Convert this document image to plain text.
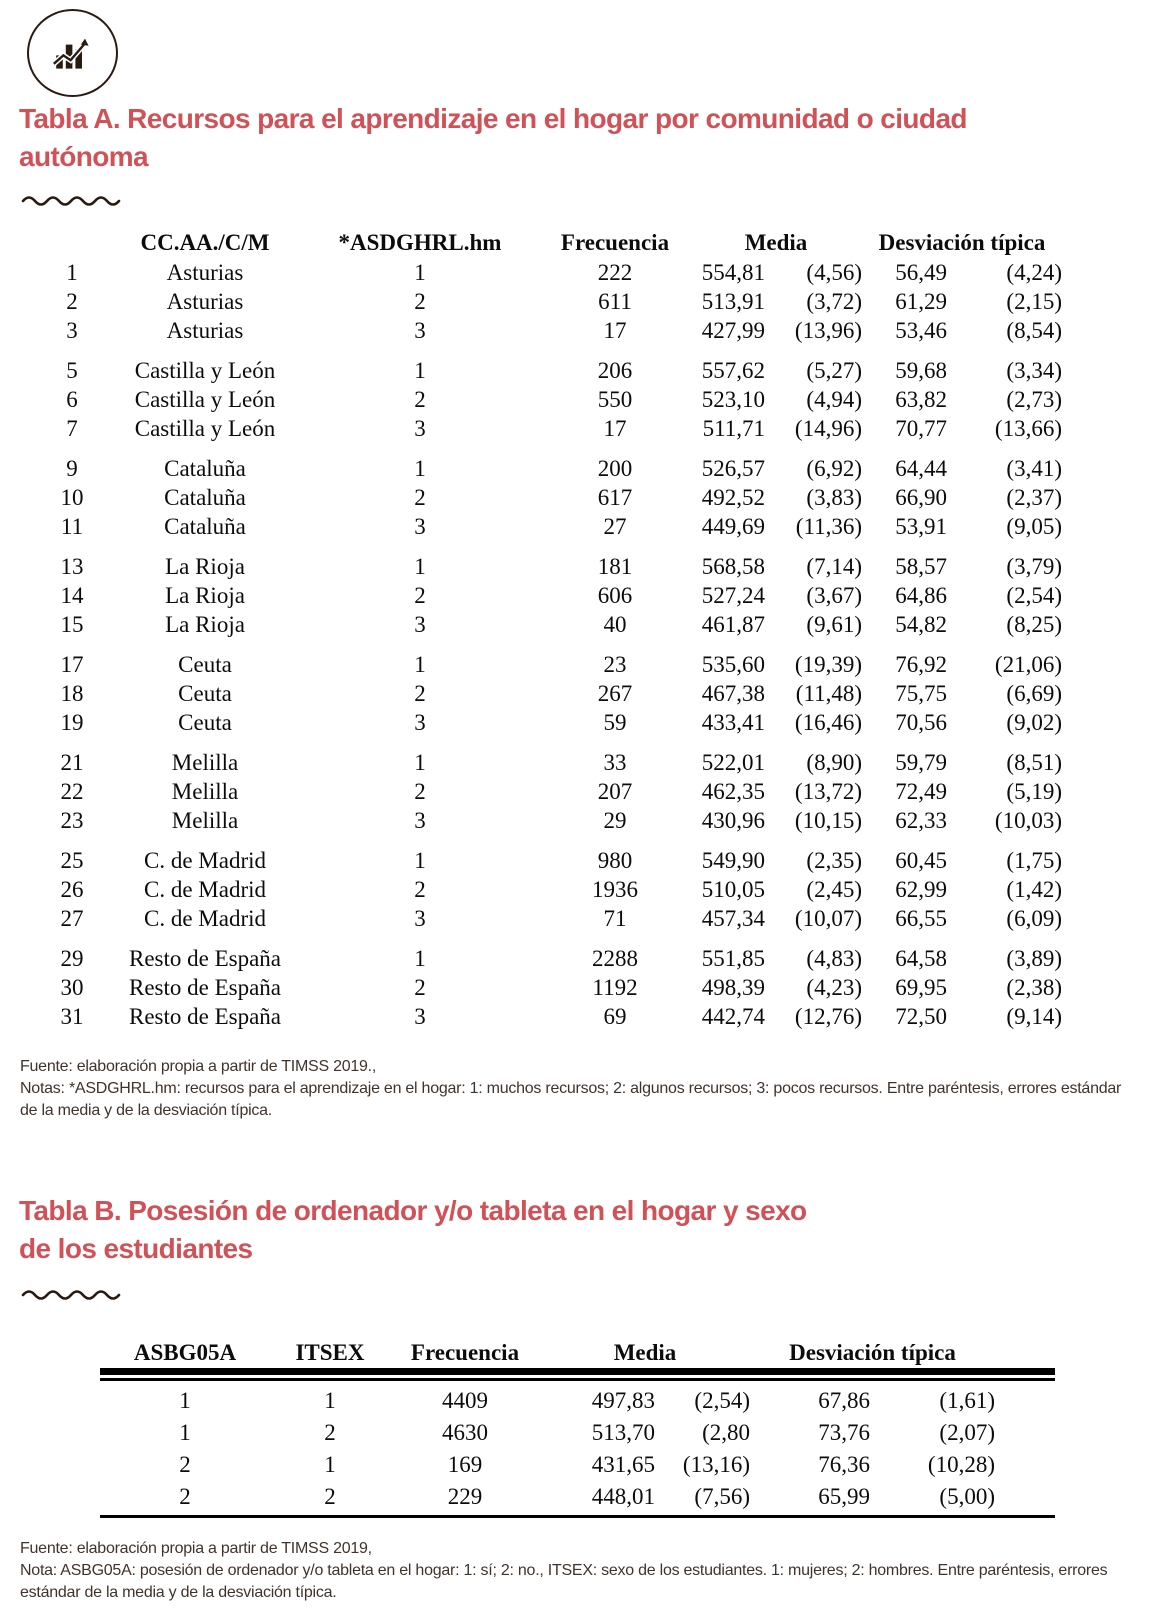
Tabla A. Recursos para el aprendizaje en el hogar por comunidad o ciudad
autónoma
CC.AA./C/M	*ASDGHRL.hm	Frecuencia	Media	Desviación típica
1	Asturias	1	222	554,81	(4,56)	56,49	(4,24)
2	Asturias	2	611	513,91	(3,72)	61,29	(2,15)
3	Asturias	3	17	427,99	(13,96)	53,46	(8,54)
5	Castilla y León	1	206	557,62	(5,27)	59,68	(3,34)
6	Castilla y León	2	550	523,10	(4,94)	63,82	(2,73)
7	Castilla y León	3	17	511,71	(14,96)	70,77	(13,66)
9	Cataluña	1	200	526,57	(6,92)	64,44	(3,41)
10	Cataluña	2	617	492,52	(3,83)	66,90	(2,37)
11	Cataluña	3	27	449,69	(11,36)	53,91	(9,05)
13	La Rioja	1	181	568,58	(7,14)	58,57	(3,79)
14	La Rioja	2	606	527,24	(3,67)	64,86	(2,54)
15	La Rioja	3	40	461,87	(9,61)	54,82	(8,25)
17	Ceuta	1	23	535,60	(19,39)	76,92	(21,06)
18	Ceuta	2	267	467,38	(11,48)	75,75	(6,69)
19	Ceuta	3	59	433,41	(16,46)	70,56	(9,02)
21	Melilla	1	33	522,01	(8,90)	59,79	(8,51)
22	Melilla	2	207	462,35	(13,72)	72,49	(5,19)
23	Melilla	3	29	430,96	(10,15)	62,33	(10,03)
25	C. de Madrid	1	980	549,90	(2,35)	60,45	(1,75)
26	C. de Madrid	2	1936	510,05	(2,45)	62,99	(1,42)
27	C. de Madrid	3	71	457,34	(10,07)	66,55	(6,09)
29	Resto de España	1	2288	551,85	(4,83)	64,58	(3,89)
30	Resto de España	2	1192	498,39	(4,23)	69,95	(2,38)
31	Resto de España	3	69	442,74	(12,76)	72,50	(9,14)
Fuente: elaboración propia a partir de TIMSS 2019.,
Notas: *ASDGHRL.hm: recursos para el aprendizaje en el hogar: 1: muchos recursos; 2: algunos recursos; 3: pocos recursos. Entre paréntesis, errores estándar
de la media y de la desviación típica.
Tabla B. Posesión de ordenador y/o tableta en el hogar y sexo
de los estudiantes
ASBG05A	ITSEX	Frecuencia	Media	Desviación típica
1	1	4409	497,83	(2,54)	67,86	(1,61)
1	2	4630	513,70	(2,80	73,76	(2,07)
2	1	169	431,65	(13,16)	76,36	(10,28)
2	2	229	448,01	(7,56)	65,99	(5,00)
Fuente: elaboración propia a partir de TIMSS 2019,
Nota: ASBG05A: posesión de ordenador y/o tableta en el hogar: 1: sí; 2: no., ITSEX: sexo de los estudiantes. 1: mujeres; 2: hombres. Entre paréntesis, errores
estándar de la media y de la desviación típica.
